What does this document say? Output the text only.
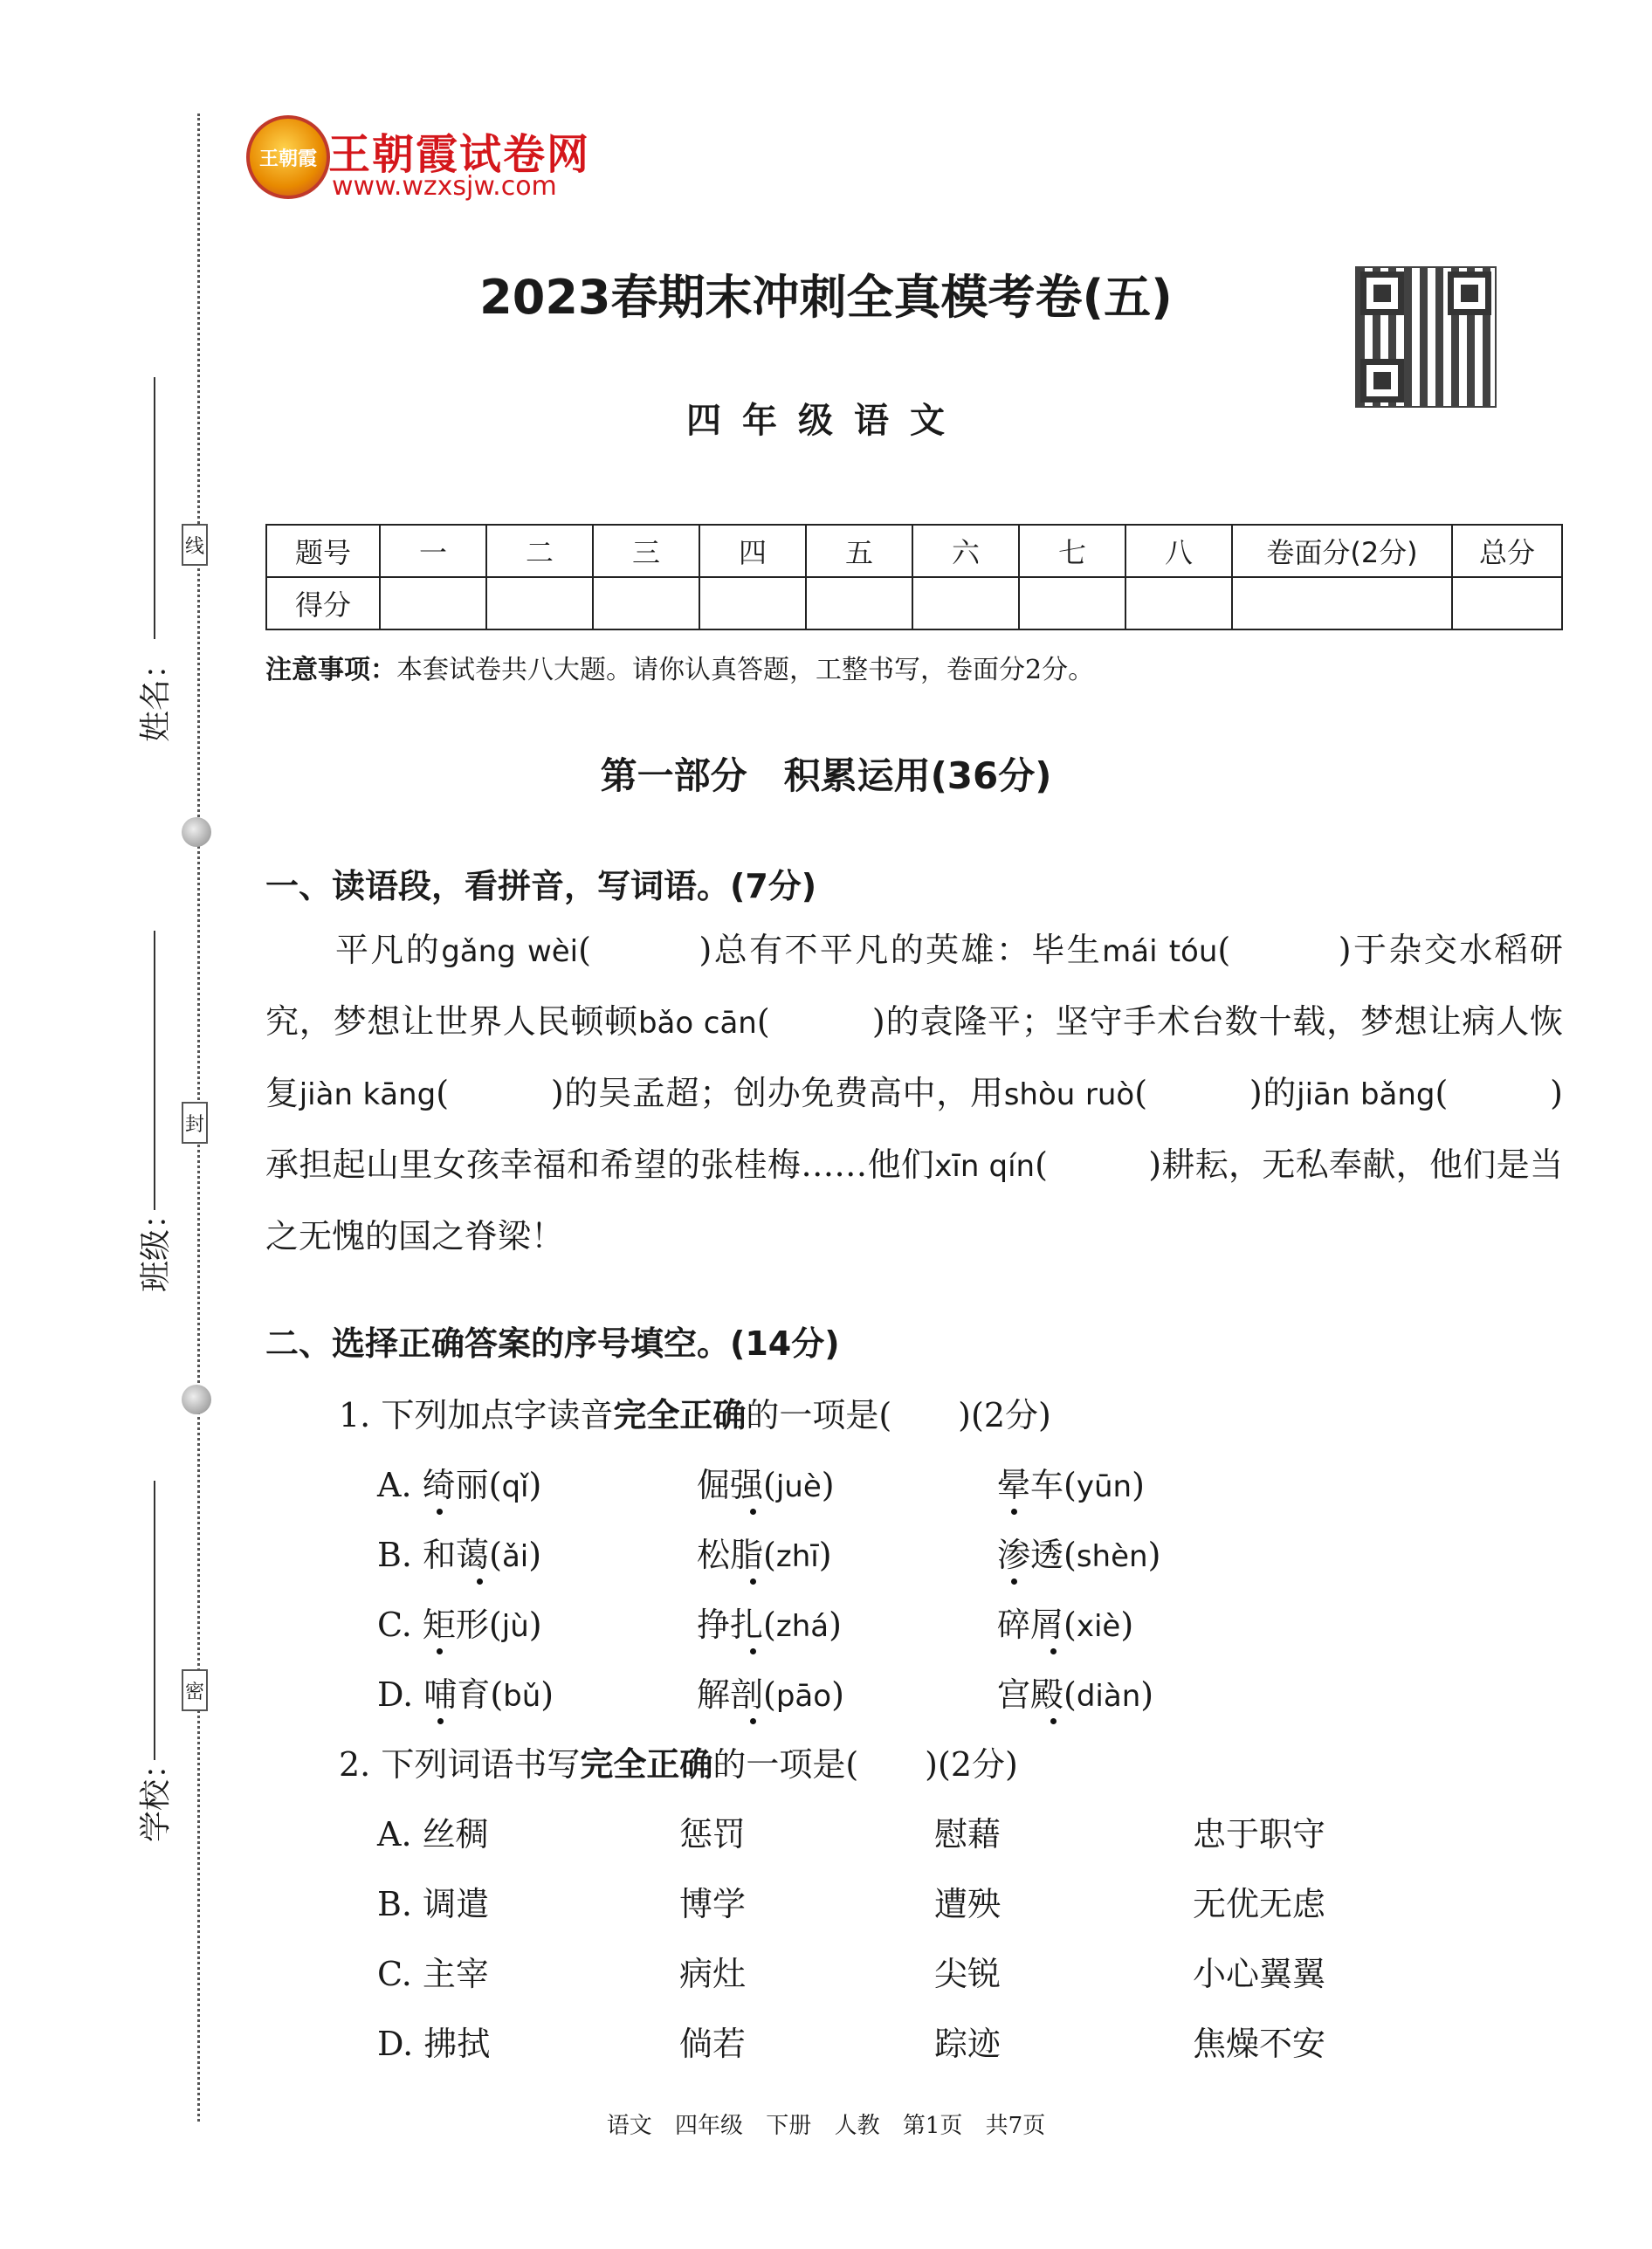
线
封
密
姓名：
班级：
学校：
王朝霞 王朝霞试卷网
www.wzxsjw.com
2023春期末冲刺全真模考卷(五)
四年级语文
题号	一	二	三	四	五	六	七	八	卷面分(2分)	总分
得分										
注意事项：本套试卷共八大题。请你认真答题，工整书写，卷面分2分。
第一部分　积累运用(36分)
一、读语段，看拼音，写词语。(7分)
平凡的gǎng wèi(　　　)总有不平凡的英雄：毕生mái tóu(　　　)于杂交水稻研究，梦想让世界人民顿顿bǎo cān(　　　)的袁隆平；坚守手术台数十载，梦想让病人恢复jiàn kāng(　　　)的吴孟超；创办免费高中，用shòu ruò(　　　)的jiān bǎng(　　　)承担起山里女孩幸福和希望的张桂梅……他们xīn qín(　　　)耕耘，无私奉献，他们是当之无愧的国之脊梁！
二、选择正确答案的序号填空。(14分)
1. 下列加点字读音完全正确的一项是(　　)(2分)
A. 绮丽(qǐ)	倔强(juè)	晕车(yūn)
B. 和蔼(ǎi)	松脂(zhī)	渗透(shèn)
C. 矩形(jù)	挣扎(zhá)	碎屑(xiè)
D. 哺育(bǔ)	解剖(pāo)	宫殿(diàn)
2. 下列词语书写完全正确的一项是(　　)(2分)
A. 丝稠	惩罚	慰藉	忠于职守
B. 调遣	博学	遭殃	无优无虑
C. 主宰	病灶	尖锐	小心翼翼
D. 拂拭	倘若	踪迹	焦燥不安
语文 四年级 下册 人教 第1页 共7页
